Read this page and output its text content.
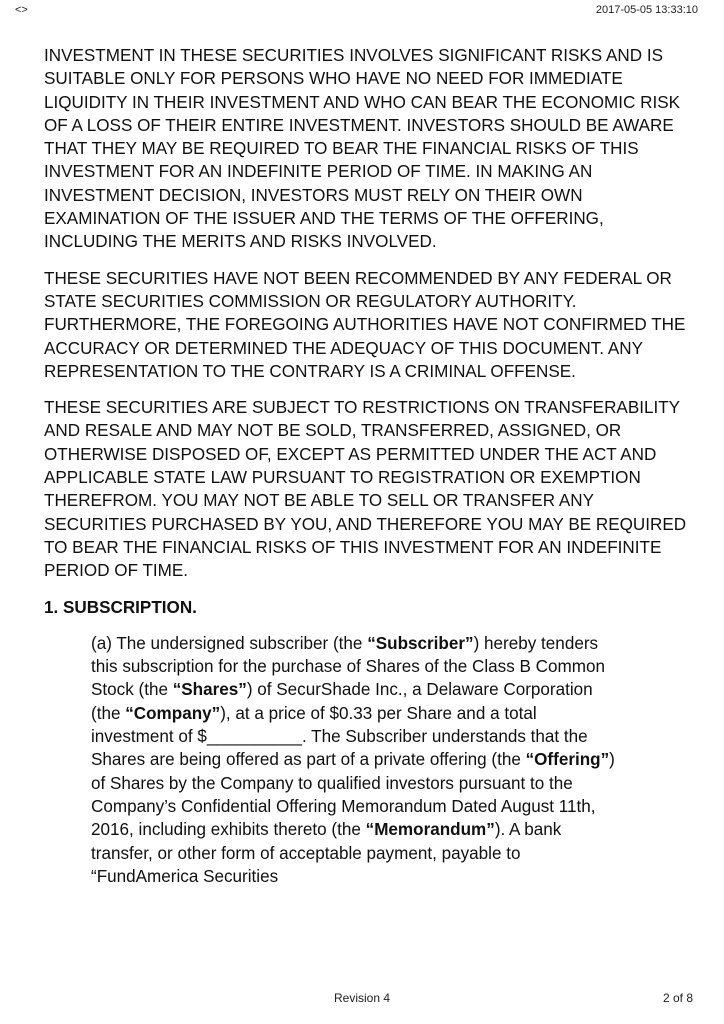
<>	2017-05-05 13:33:10

INVESTMENT IN THESE SECURITIES INVOLVES SIGNIFICANT RISKS AND IS SUITABLE ONLY FOR PERSONS WHO HAVE NO NEED FOR IMMEDIATE LIQUIDITY IN THEIR INVESTMENT AND WHO CAN BEAR THE ECONOMIC RISK OF A LOSS OF THEIR ENTIRE INVESTMENT. INVESTORS SHOULD BE AWARE THAT THEY MAY BE REQUIRED TO BEAR THE FINANCIAL RISKS OF THIS INVESTMENT FOR AN INDEFINITE PERIOD OF TIME. IN MAKING AN INVESTMENT DECISION, INVESTORS MUST RELY ON THEIR OWN EXAMINATION OF THE ISSUER AND THE TERMS OF THE OFFERING, INCLUDING THE MERITS AND RISKS INVOLVED.

THESE SECURITIES HAVE NOT BEEN RECOMMENDED BY ANY FEDERAL OR STATE SECURITIES COMMISSION OR REGULATORY AUTHORITY. FURTHERMORE, THE FOREGOING AUTHORITIES HAVE NOT CONFIRMED THE ACCURACY OR DETERMINED THE ADEQUACY OF THIS DOCUMENT. ANY REPRESENTATION TO THE CONTRARY IS A CRIMINAL OFFENSE.

THESE SECURITIES ARE SUBJECT TO RESTRICTIONS ON TRANSFERABILITY AND RESALE AND MAY NOT BE SOLD, TRANSFERRED, ASSIGNED, OR OTHERWISE DISPOSED OF, EXCEPT AS PERMITTED UNDER THE ACT AND APPLICABLE STATE LAW PURSUANT TO REGISTRATION OR EXEMPTION THEREFROM. YOU MAY NOT BE ABLE TO SELL OR TRANSFER ANY SECURITIES PURCHASED BY YOU, AND THEREFORE YOU MAY BE REQUIRED TO BEAR THE FINANCIAL RISKS OF THIS INVESTMENT FOR AN INDEFINITE PERIOD OF TIME.

1. SUBSCRIPTION.

(a) The undersigned subscriber (the “Subscriber”) hereby tenders this subscription for the purchase of Shares of the Class B Common Stock (the “Shares”) of SecurShade Inc., a Delaware Corporation (the “Company”), at a price of $0.33 per Share and a total investment of $__________. The Subscriber understands that the Shares are being offered as part of a private offering (the “Offering”) of Shares by the Company to qualified investors pursuant to the Company’s Confidential Offering Memorandum Dated August 11th, 2016, including exhibits thereto (the “Memorandum”). A bank transfer, or other form of acceptable payment, payable to “FundAmerica Securities

Revision 4	2 of 8
